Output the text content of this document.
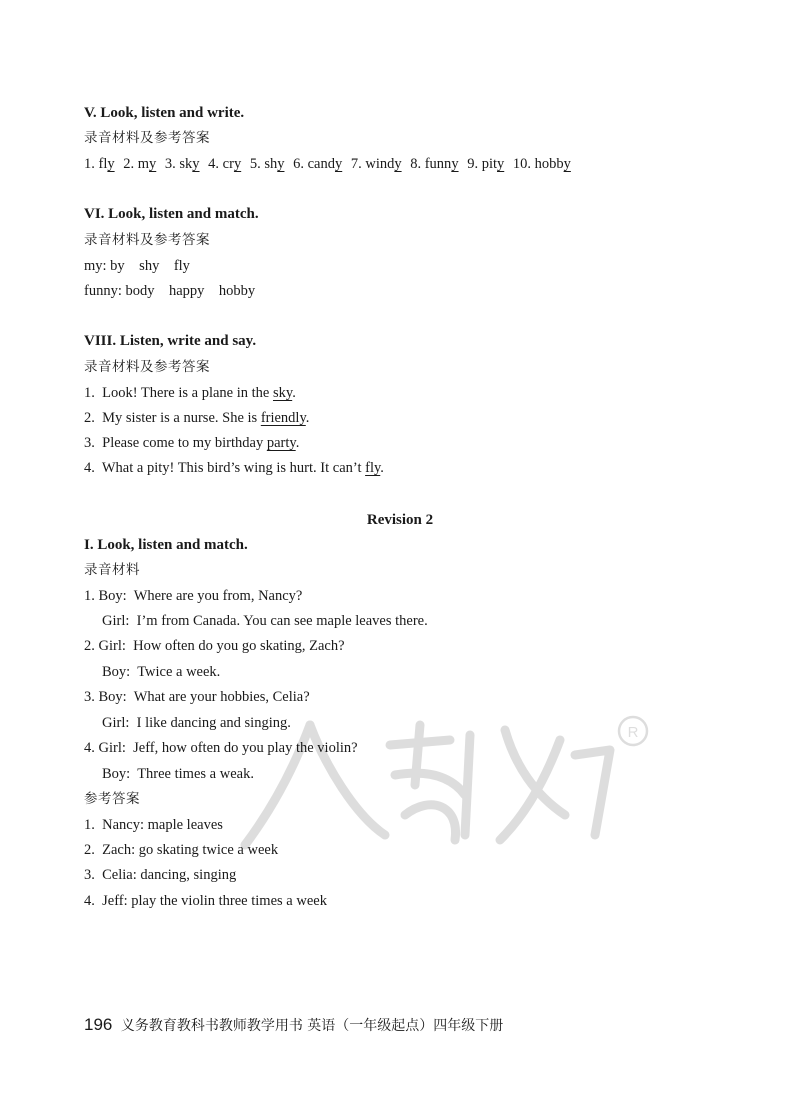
V. Look, listen and write.
录音材料及参考答案
1. fly 2. my 3. sky 4. cry 5. shy 6. candy 7. windy 8. funny 9. pity 10. hobby
VI. Look, listen and match.
录音材料及参考答案
my: by    shy    fly
funny: body    happy    hobby
VIII. Listen, write and say.
录音材料及参考答案
1.  Look! There is a plane in the sky.
2.  My sister is a nurse. She is friendly.
3.  Please come to my birthday party.
4.  What a pity! This bird’s wing is hurt. It can’t fly.
Revision 2
I. Look, listen and match.
录音材料
1. Boy:  Where are you from, Nancy?
Girl:  I’m from Canada. You can see maple leaves there.
2. Girl:  How often do you go skating, Zach?
Boy:  Twice a week.
3. Boy:  What are your hobbies, Celia?
Girl:  I like dancing and singing.
4. Girl:  Jeff, how often do you play the violin?
Boy:  Three times a weak.
参考答案
1.  Nancy: maple leaves
2.  Zach: go skating twice a week
3.  Celia: dancing, singing
4.  Jeff: play the violin three times a week
R
196 义务教育教科书教师教学用书 英语（一年级起点）四年级下册
